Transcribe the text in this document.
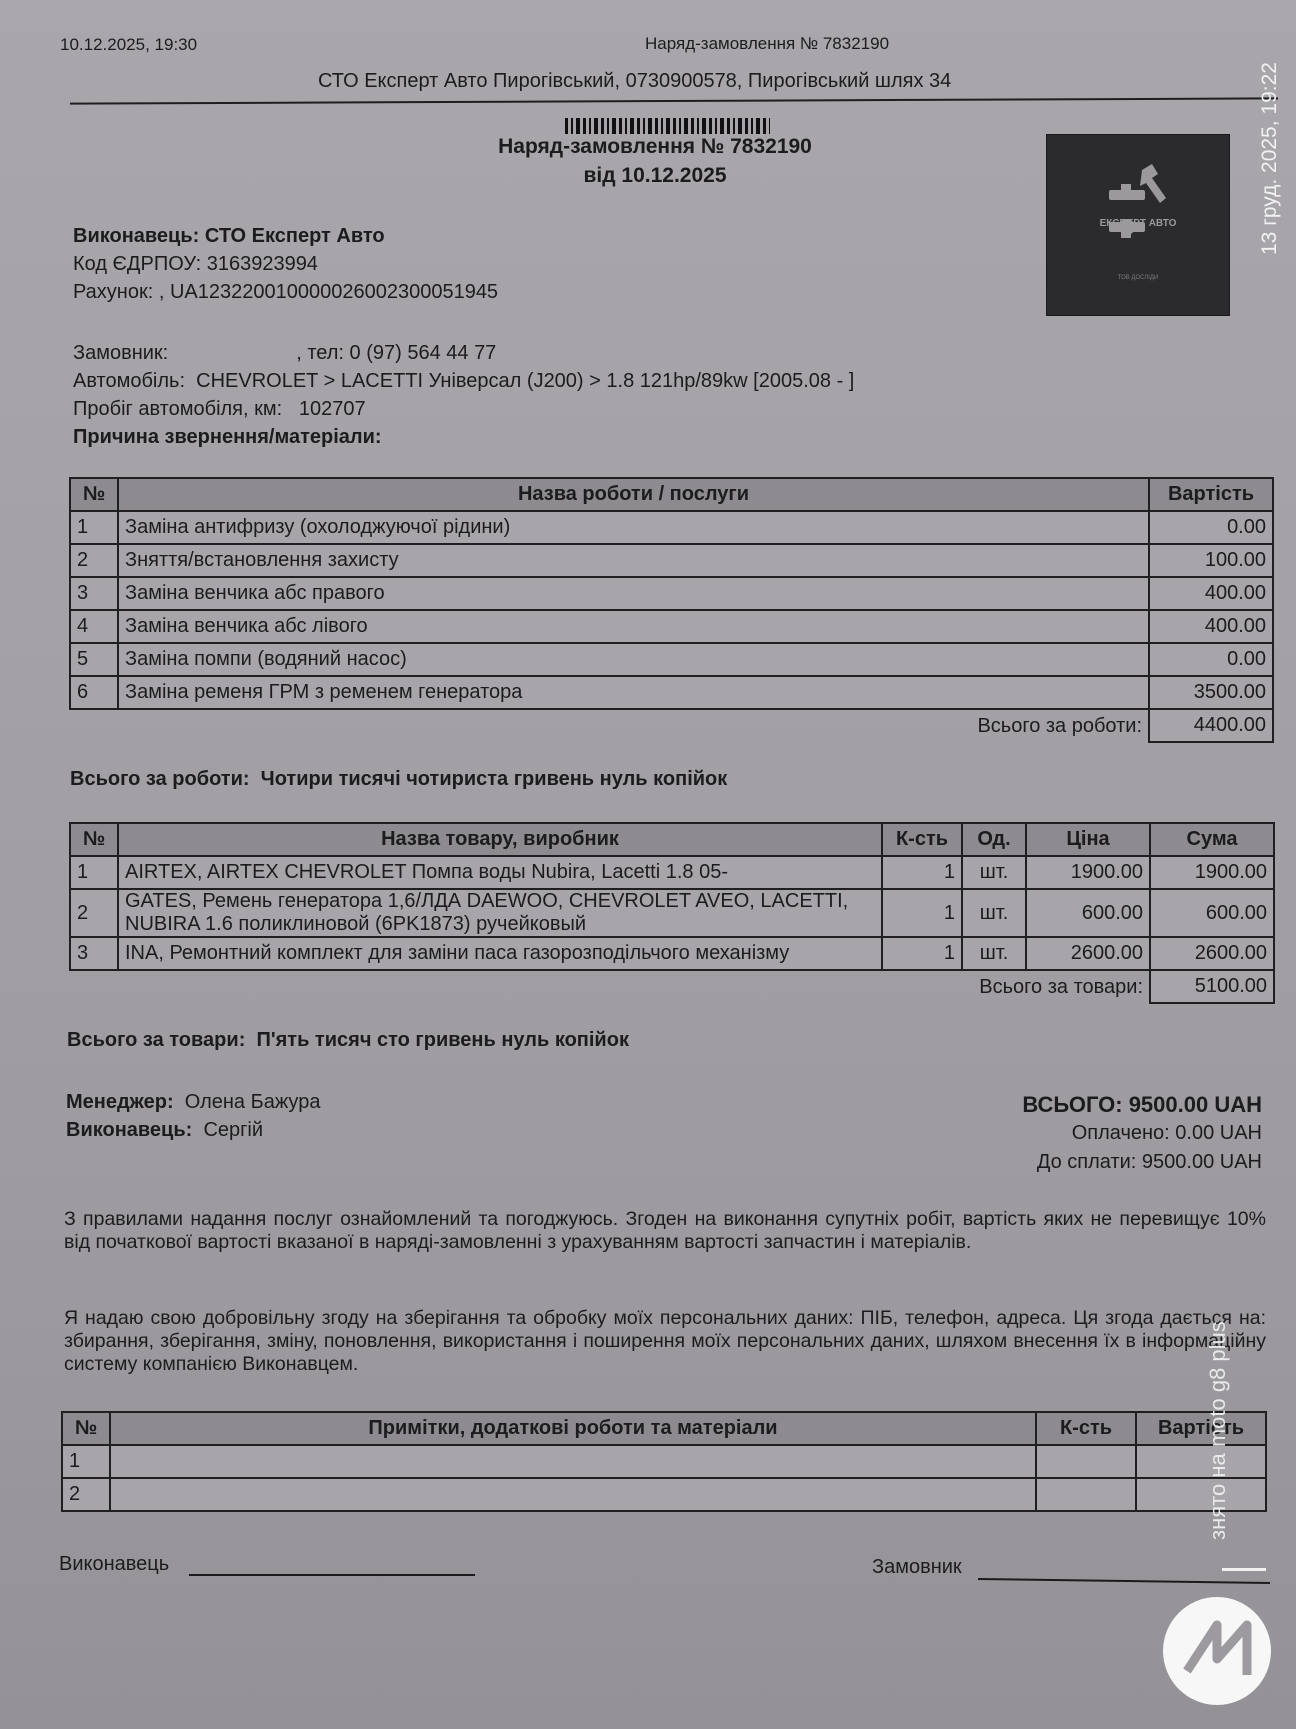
10.12.2025, 19:30	Наряд-замовлення № 7832190
СТО Експерт Авто Пирогівський, 0730900578, Пирогівський шлях 34
Наряд-замовлення № 7832190
від 10.12.2025
ЕКСПЕРТ АВТО
ТОВ ДОСЛІДИ
13 груд. 2025, 19:22
Виконавець: СТО Експерт Авто
Код ЄДРПОУ: 3163923994
Рахунок: , UA123220010000026002300051945
Замовник:	, тел: 0 (97) 564 44 77
Автомобіль: CHEVROLET > LACETTI Універсал (J200) > 1.8 121hp/89kw [2005.08 - ]
Пробіг автомобіля, км: 102707
Причина звернення/матеріали:
№	Назва роботи / послуги	Вартість
1	Заміна антифризу (охолоджуючої рідини)	0.00
2	Зняття/встановлення захисту	100.00
3	Заміна венчика абс правого	400.00
4	Заміна венчика абс лівого	400.00
5	Заміна помпи (водяний насос)	0.00
6	Заміна ременя ГРМ з ременем генератора	3500.00
Всього за роботи:		4400.00
Всього за роботи: Чотири тисячі чотириста гривень нуль копійок
№	Назва товару, виробник	К-сть	Од.	Ціна	Сума
1	AIRTEX, AIRTEX CHEVROLET Помпа воды Nubira, Lacetti 1.8 05-	1	шт.	1900.00	1900.00
2	GATES, Ремень генератора 1,6/ЛДА DAEWOO, CHEVROLET AVEO, LACETTI, NUBIRA 1.6 поликлиновой (6PK1873) ручейковый	1	шт.	600.00	600.00
3	INA, Ремонтний комплект для заміни паса газорозподільчого механізму	1	шт.	2600.00	2600.00
Всього за товари:					5100.00
Всього за товари: П'ять тисяч сто гривень нуль копійок
Менеджер: Олена Бажура
Виконавець: Сергій
ВСЬОГО: 9500.00 UAH
Оплачено: 0.00 UAH
До сплати: 9500.00 UAH
З правилами надання послуг ознайомлений та погоджуюсь. Згоден на виконання супутніх робіт, вартість яких не перевищує 10% від початкової вартості вказаної в наряді-замовленні з урахуванням вартості запчастин і матеріалів.
Я надаю свою добровільну згоду на зберігання та обробку моїх персональних даних: ПІБ, телефон, адреса. Ця згода дається на: збирання, зберігання, зміну, поновлення, використання і поширення моїх персональних даних, шляхом внесення їх в інформаційну систему компанією Виконавцем.
№	Примітки, додаткові роботи та матеріали	К-сть	Вартість
1			
2			
Виконавець	Замовник
знято на moto g8 plus
